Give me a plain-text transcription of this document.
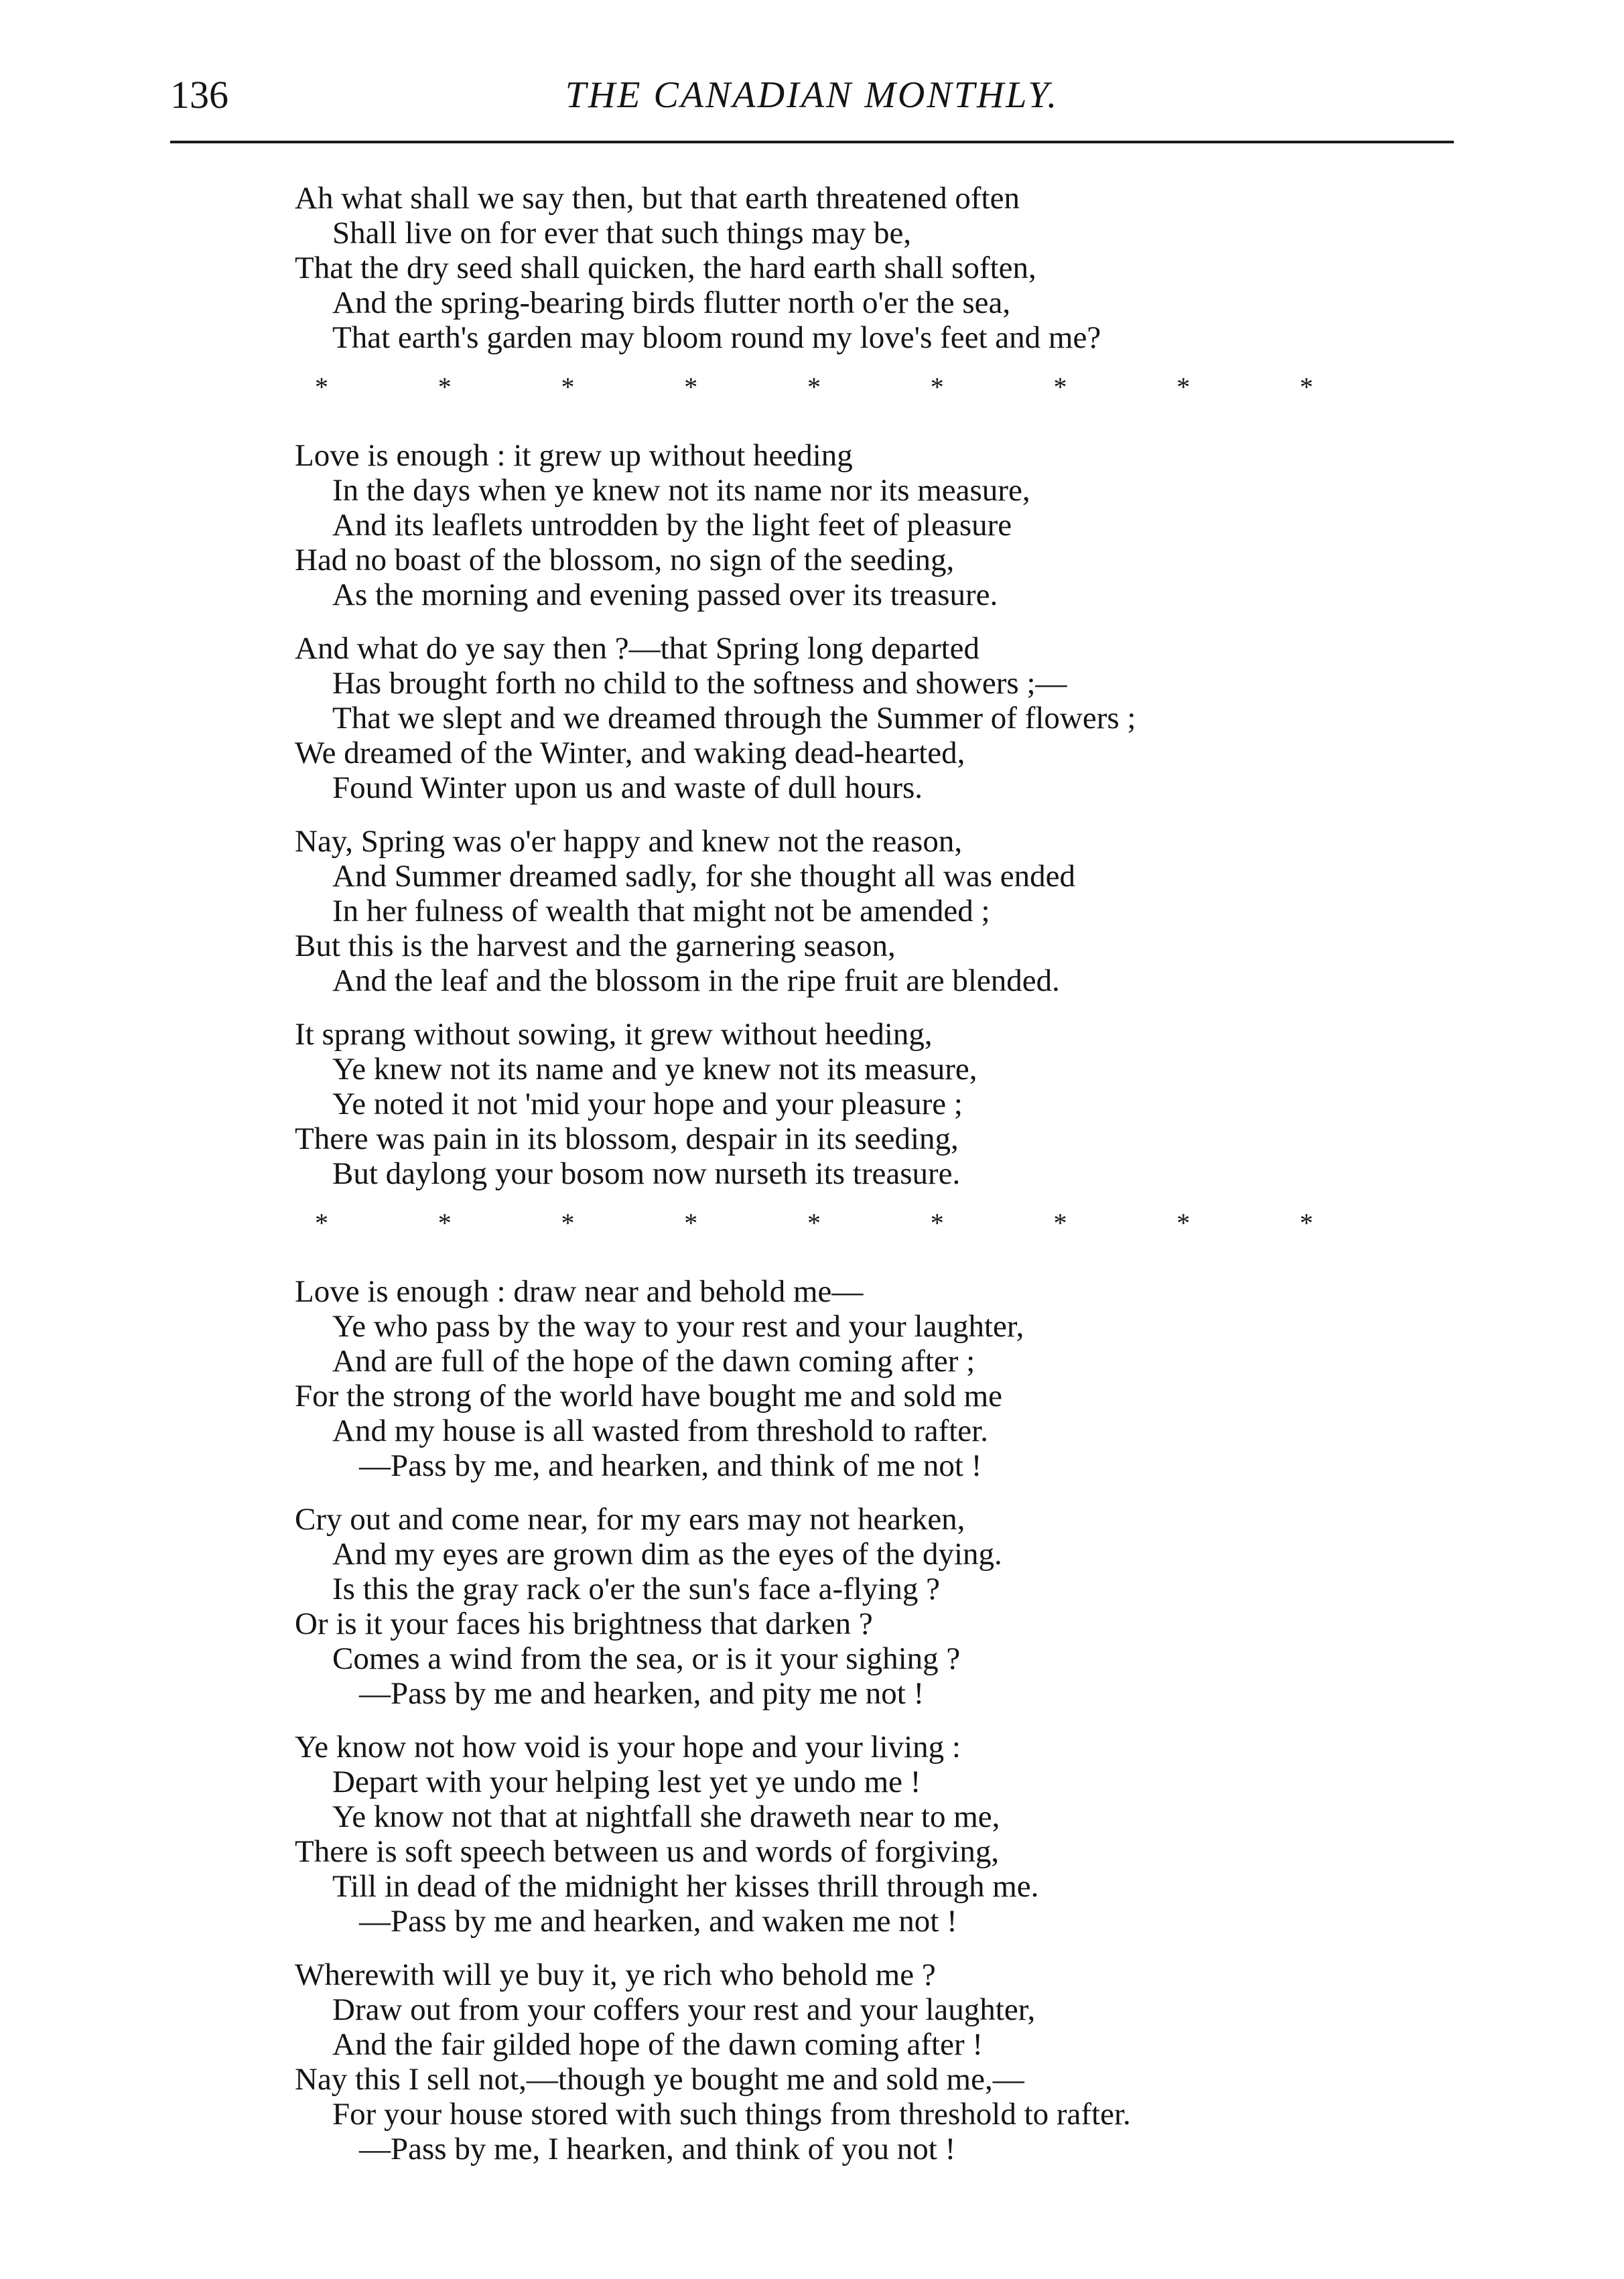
136	THE CANADIAN MONTHLY.
Ah what shall we say then, but that earth threatened often
Shall live on for ever that such things may be,
That the dry seed shall quicken, the hard earth shall soften,
And the spring-bearing birds flutter north o'er the sea,
That earth's garden may bloom round my love's feet and me?
*	*	*	*	*	*	*	*	*
Love is enough : it grew up without heeding
In the days when ye knew not its name nor its measure,
And its leaflets untrodden by the light feet of pleasure
Had no boast of the blossom, no sign of the seeding,
As the morning and evening passed over its treasure.
And what do ye say then ?—that Spring long departed
Has brought forth no child to the softness and showers ;—
That we slept and we dreamed through the Summer of flowers ;
We dreamed of the Winter, and waking dead-hearted,
Found Winter upon us and waste of dull hours.
Nay, Spring was o'er happy and knew not the reason,
And Summer dreamed sadly, for she thought all was ended
In her fulness of wealth that might not be amended ;
But this is the harvest and the garnering season,
And the leaf and the blossom in the ripe fruit are blended.
It sprang without sowing, it grew without heeding,
Ye knew not its name and ye knew not its measure,
Ye noted it not 'mid your hope and your pleasure ;
There was pain in its blossom, despair in its seeding,
But daylong your bosom now nurseth its treasure.
*	*	*	*	*	*	*	*	*
Love is enough : draw near and behold me—
Ye who pass by the way to your rest and your laughter,
And are full of the hope of the dawn coming after ;
For the strong of the world have bought me and sold me
And my house is all wasted from threshold to rafter.
—Pass by me, and hearken, and think of me not !
Cry out and come near, for my ears may not hearken,
And my eyes are grown dim as the eyes of the dying.
Is this the gray rack o'er the sun's face a-flying ?
Or is it your faces his brightness that darken ?
Comes a wind from the sea, or is it your sighing ?
—Pass by me and hearken, and pity me not !
Ye know not how void is your hope and your living :
Depart with your helping lest yet ye undo me !
Ye know not that at nightfall she draweth near to me,
There is soft speech between us and words of forgiving,
Till in dead of the midnight her kisses thrill through me.
—Pass by me and hearken, and waken me not !
Wherewith will ye buy it, ye rich who behold me ?
Draw out from your coffers your rest and your laughter,
And the fair gilded hope of the dawn coming after !
Nay this I sell not,—though ye bought me and sold me,—
For your house stored with such things from threshold to rafter.
—Pass by me, I hearken, and think of you not !
